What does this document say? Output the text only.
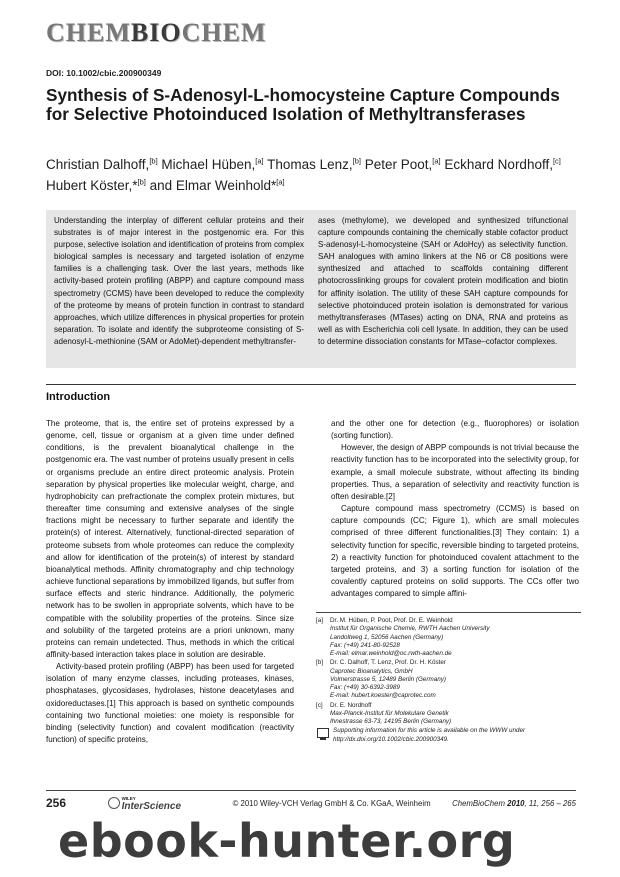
CHEMBIOCHEM
DOI: 10.1002/cbic.200900349
Synthesis of S-Adenosyl-L-homocysteine Capture Compounds for Selective Photoinduced Isolation of Methyltransferases

Christian Dalhoff,[b] Michael Hüben,[a] Thomas Lenz,[b] Peter Poot,[a] Eckhard Nordhoff,[c] Hubert Köster,*[b] and Elmar Weinhold*[a]

Understanding the interplay of different cellular proteins and their substrates is of major interest in the postgenomic era. For this purpose, selective isolation and identification of proteins from complex biological samples is necessary and targeted isolation of enzyme families is a challenging task. Over the last years, methods like activity-based protein profiling (ABPP) and capture compound mass spectrometry (CCMS) have been developed to reduce the complexity of the proteome by means of protein function in contrast to standard approaches, which utilize differences in physical properties for protein separation. To isolate and identify the subproteome consisting of S-adenosyl-L-methionine (SAM or AdoMet)-dependent methyltransfer-
ases (methylome), we developed and synthesized trifunctional capture compounds containing the chemically stable cofactor product S-adenosyl-L-homocysteine (SAH or AdoHcy) as selectivity function. SAH analogues with amino linkers at the N6 or C8 positions were synthesized and attached to scaffolds containing different photocrosslinking groups for covalent protein modification and biotin for affinity isolation. The utility of these SAH capture compounds for selective photoinduced protein isolation is demonstrated for various methyltransferases (MTases) acting on DNA, RNA and proteins as well as with Escherichia coli cell lysate. In addition, they can be used to determine dissociation constants for MTase–cofactor complexes.
Introduction

The proteome, that is, the entire set of proteins expressed by a genome, cell, tissue or organism at a given time under defined conditions, is the prevalent bioanalytical challenge in the postgenomic era. The vast number of proteins usually present in cells or organisms preclude an entire direct proteomic analysis. Protein separation by physical properties like molecular weight, charge, and hydrophobicity can prefractionate the complex protein mixtures, but thereafter time consuming and extensive analyses of the single fractions might be necessary to further separate and identify the protein(s) of interest. Alternatively, functional-directed separation of proteome subsets from whole proteomes can reduce the complexity and allow for identification of the protein(s) of interest by standard bioanalytical methods. Affinity chromatography and chip technology achieve functional separations by immobilized ligands, but suffer from surface effects and steric hindrance. Additionally, the polymeric network has to be swollen in appropriate solvents, which have to be compatible with the solubility properties of the proteins. Since size and solubility of the targeted proteins are a priori unknown, many proteins can remain undetected. Thus, methods in which the critical affinity-based interaction takes place in solution are desirable.

Activity-based protein profiling (ABPP) has been used for targeted isolation of many enzyme classes, including proteases, kinases, phosphatases, glycosidases, hydrolases, histone deacetylases and oxidoreductases.[1] This approach is based on synthetic compounds containing two functional moieties: one moiety is responsible for binding (selectivity function) and covalent modification (reactivity function) of specific proteins,

and the other one for detection (e.g., fluorophores) or isolation (sorting function).

However, the design of ABPP compounds is not trivial because the reactivity function has to be incorporated into the selectivity group, for example, a small molecule substrate, without affecting its binding properties. Thus, a separation of selectivity and reactivity function is often desirable.[2]

Capture compound mass spectrometry (CCMS) is based on capture compounds (CC; Figure 1), which are small molecules comprised of three different functionalities.[3] They contain: 1) a selectivity function for specific, reversible binding to targeted proteins, 2) a reactivity function for photoinduced covalent attachment to the targeted proteins, and 3) a sorting function for isolation of the covalently captured proteins on solid supports. The CCs offer two advantages compared to simple affini-

[a]	Dr. M. Hüben, P. Poot, Prof. Dr. E. Weinhold
Institut für Organische Chemie, RWTH Aachen University
Landoltweg 1, 52056 Aachen (Germany)
Fax: (+49) 241-80-92528
E-mail: elmar.weinhold@oc.rwth-aachen.de
[b]	Dr. C. Dalhoff, T. Lenz, Prof. Dr. H. Köster
Caprotec Bioanalytics, GmbH
Volmerstrasse 5, 12489 Berlin (Germany)
Fax: (+49) 30-6392-3989
E-mail: hubert.koester@caprotec.com
[c]	Dr. E. Nordhoff
Max-Planck-Institut für Molekulare Genetik
Ihnestrasse 63-73, 14195 Berlin (Germany)
Supporting information for this article is available on the WWW under http://dx.doi.org/10.1002/cbic.200900349.
256	WILEY
InterScience	© 2010 Wiley-VCH Verlag GmbH & Co. KGaA, Weinheim	ChemBioChem 2010, 11, 256 – 265
ebook-hunter.org
